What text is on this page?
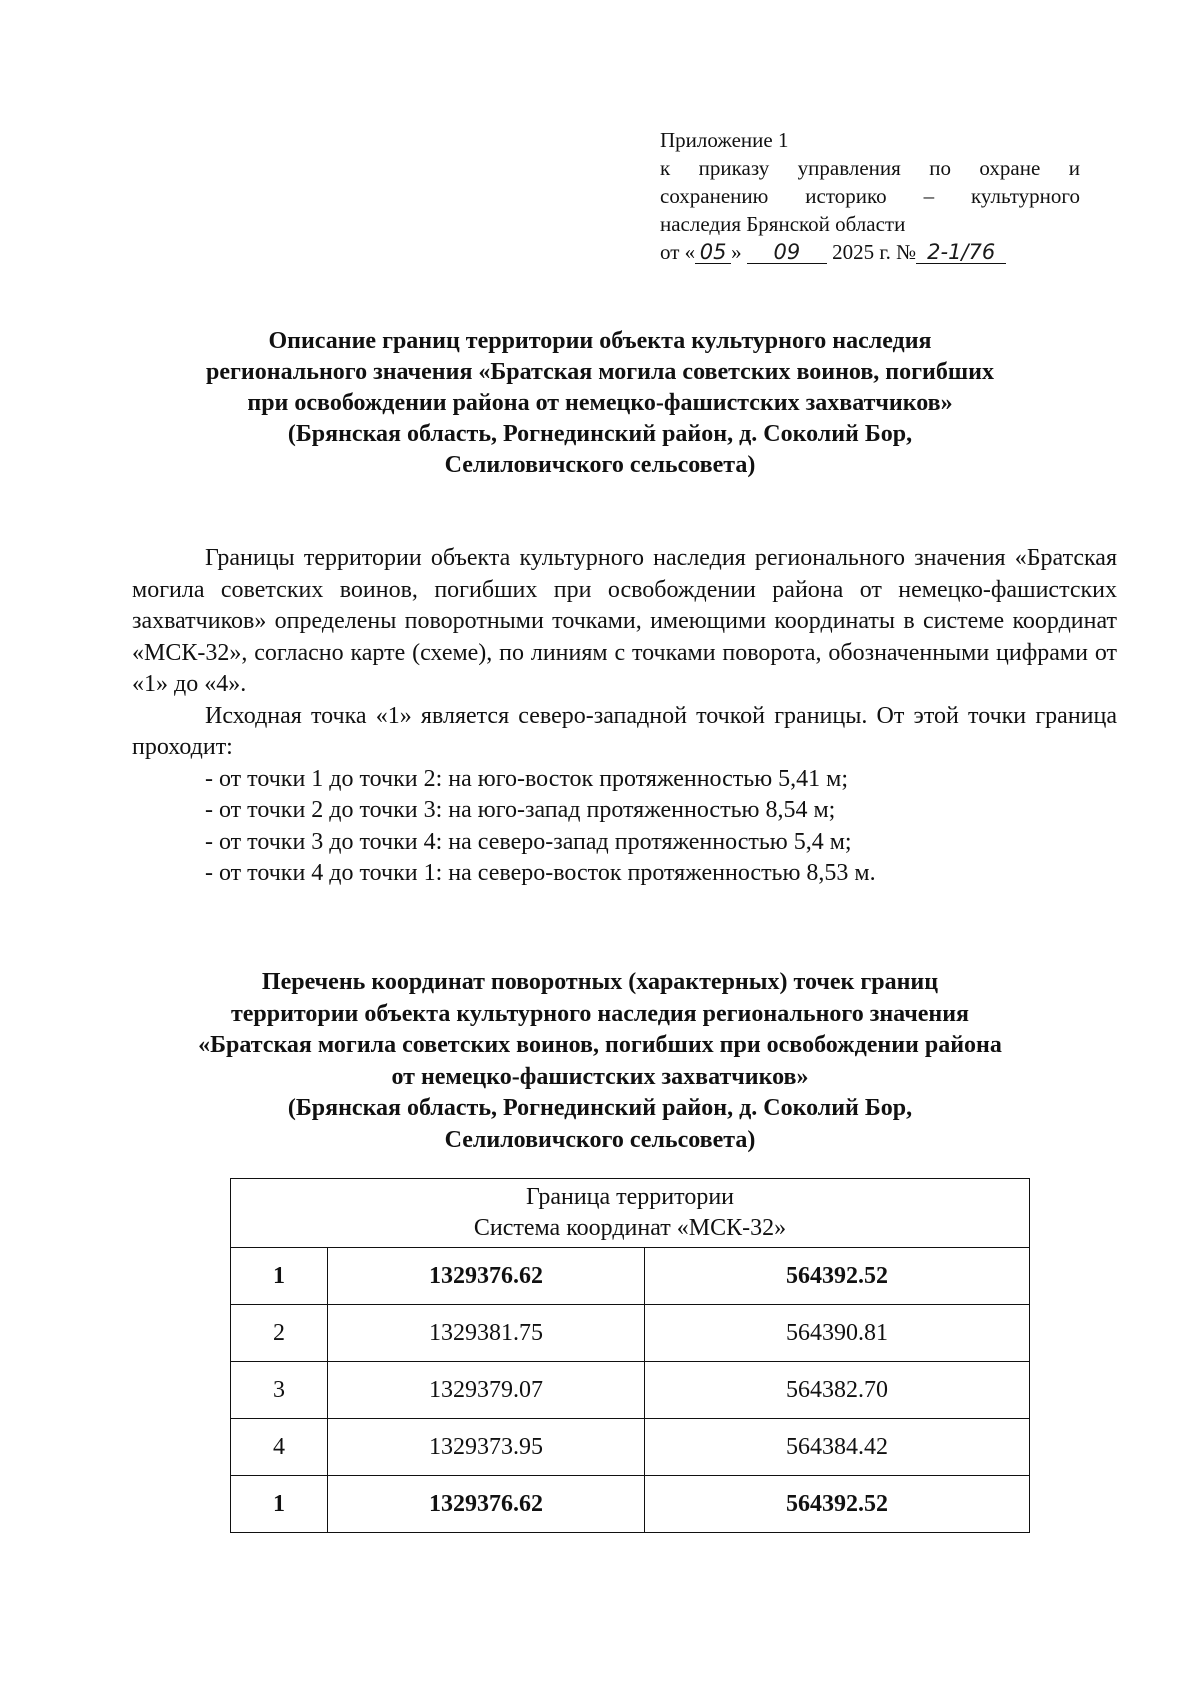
Приложение 1
к приказу управления по охране и
сохранению историко – культурного
наследия Брянской области
от « 05 » 09 2025 г. № 2-1/76
Описание границ территории объекта культурного наследия
регионального значения «Братская могила советских воинов, погибших
при освобождении района от немецко-фашистских захватчиков»
(Брянская область, Рогнединский район, д. Соколий Бор,
Селиловичского сельсовета)

Границы территории объекта культурного наследия регионального значения «Братская могила советских воинов, погибших при освобождении района от немецко-фашистских захватчиков» определены поворотными точками, имеющими координаты в системе координат «МСК-32», согласно карте (схеме), по линиям с точками поворота, обозначенными цифрами от «1» до «4».

Исходная точка «1» является северо-западной точкой границы. От этой точки граница проходит:

- от точки 1 до точки 2: на юго-восток протяженностью 5,41 м;
- от точки 2 до точки 3: на юго-запад протяженностью 8,54 м;
- от точки 3 до точки 4: на северо-запад протяженностью 5,4 м;
- от точки 4 до точки 1: на северо-восток протяженностью 8,53 м.
Перечень координат поворотных (характерных) точек границ
территории объекта культурного наследия регионального значения
«Братская могила советских воинов, погибших при освобождении района
от немецко-фашистских захватчиков»
(Брянская область, Рогнединский район, д. Соколий Бор,
Селиловичского сельсовета)
Граница территории
Система координат «МСК-32»		

1	1329376.62	564392.52
2	1329381.75	564390.81
3	1329379.07	564382.70
4	1329373.95	564384.42
1	1329376.62	564392.52
